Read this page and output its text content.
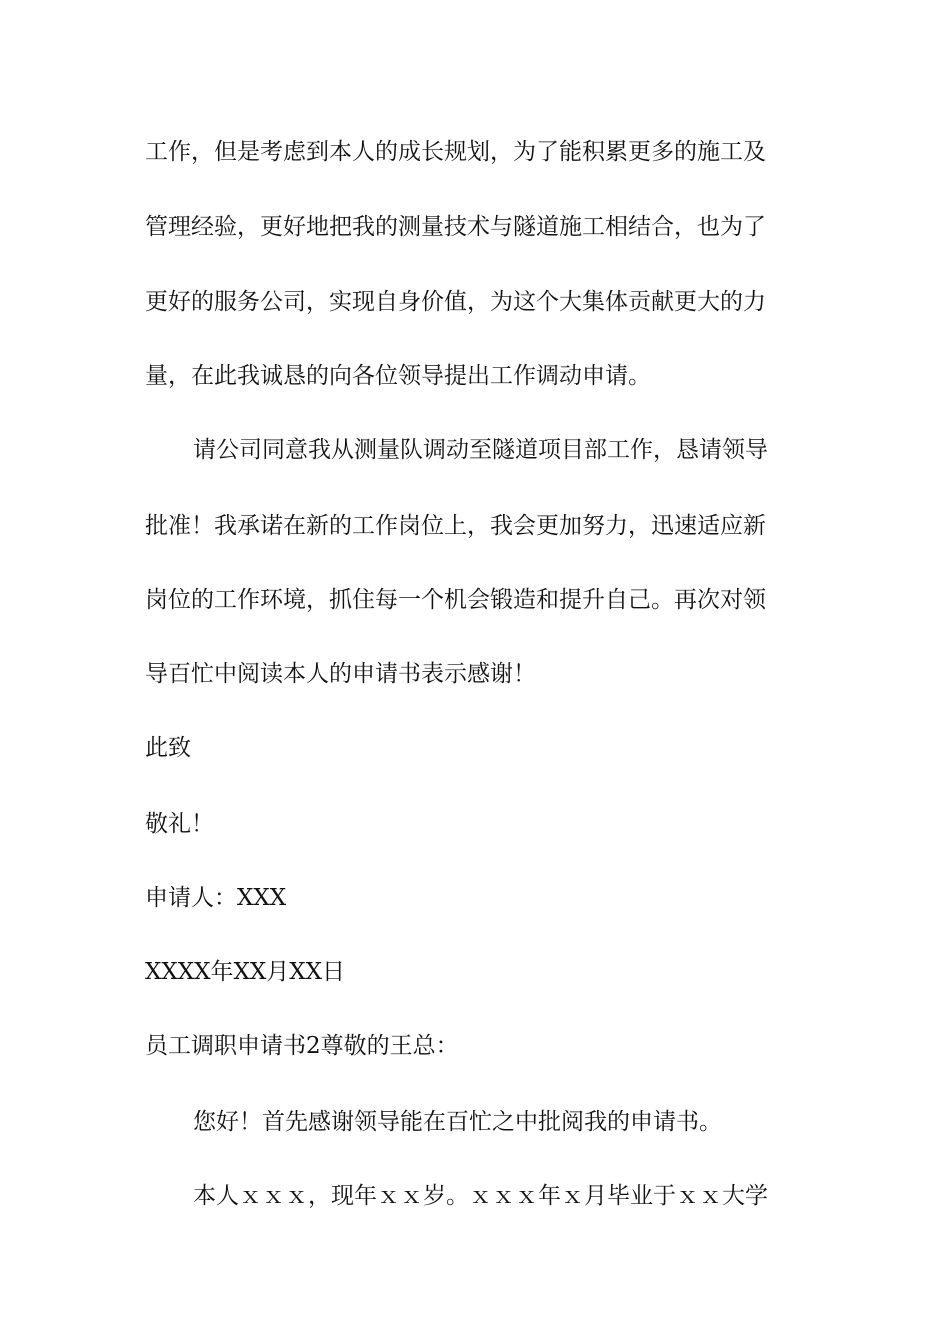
工作，但是考虑到本人的成长规划，为了能积累更多的施工及
管理经验，更好地把我的测量技术与隧道施工相结合，也为了
更好的服务公司，实现自身价值，为这个大集体贡献更大的力
量，在此我诚恳的向各位领导提出工作调动申请。
请公司同意我从测量队调动至隧道项目部工作，恳请领导
批准！我承诺在新的工作岗位上，我会更加努力，迅速适应新
岗位的工作环境，抓住每一个机会锻造和提升自己。再次对领
导百忙中阅读本人的申请书表示感谢！
此致
敬礼！
申请人：XXX
XXXX年XX月XX日
员工调职申请书2尊敬的王总：
您好！首先感谢领导能在百忙之中批阅我的申请书。
本人ｘｘｘ，现年ｘｘ岁。ｘｘｘ年ｘ月毕业于ｘｘ大学
